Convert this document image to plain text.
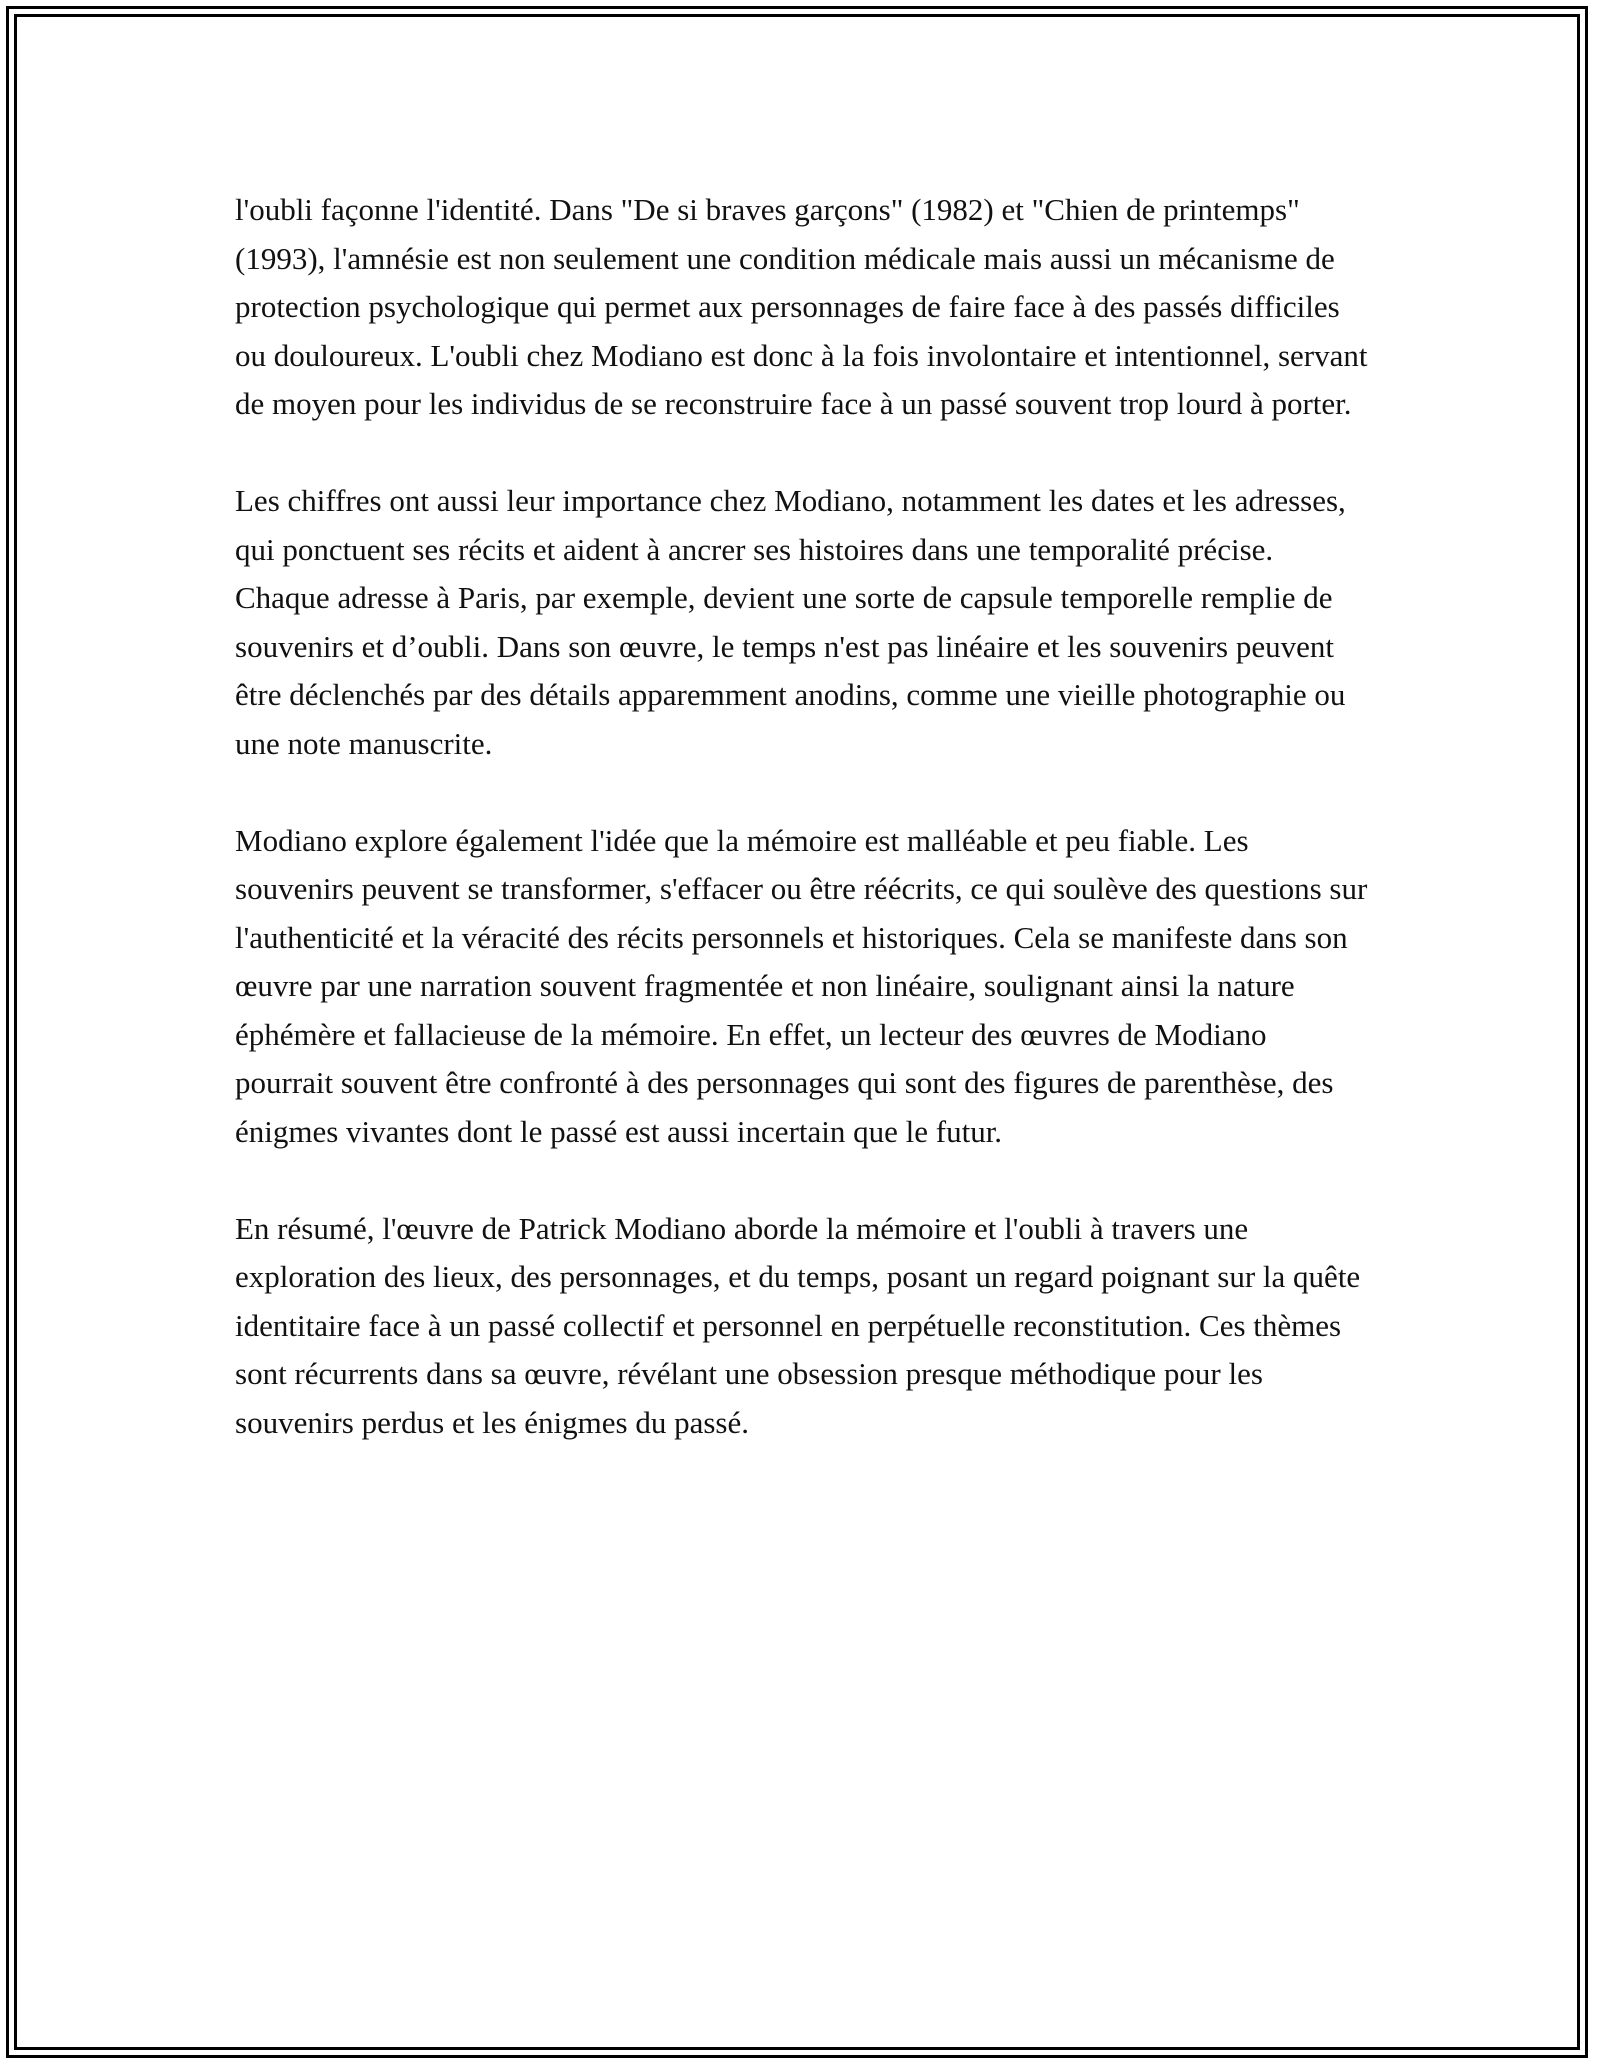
l'oubli façonne l'identité. Dans "De si braves garçons" (1982) et "Chien de printemps" (1993), l'amnésie est non seulement une condition médicale mais aussi un mécanisme de protection psychologique qui permet aux personnages de faire face à des passés difficiles ou douloureux. L'oubli chez Modiano est donc à la fois involontaire et intentionnel, servant de moyen pour les individus de se reconstruire face à un passé souvent trop lourd à porter.

Les chiffres ont aussi leur importance chez Modiano, notamment les dates et les adresses, qui ponctuent ses récits et aident à ancrer ses histoires dans une temporalité précise. Chaque adresse à Paris, par exemple, devient une sorte de capsule temporelle remplie de souvenirs et d’oubli. Dans son œuvre, le temps n'est pas linéaire et les souvenirs peuvent être déclenchés par des détails apparemment anodins, comme une vieille photographie ou une note manuscrite.

Modiano explore également l'idée que la mémoire est malléable et peu fiable. Les souvenirs peuvent se transformer, s'effacer ou être réécrits, ce qui soulève des questions sur l'authenticité et la véracité des récits personnels et historiques. Cela se manifeste dans son œuvre par une narration souvent fragmentée et non linéaire, soulignant ainsi la nature éphémère et fallacieuse de la mémoire. En effet, un lecteur des œuvres de Modiano pourrait souvent être confronté à des personnages qui sont des figures de parenthèse, des énigmes vivantes dont le passé est aussi incertain que le futur.

En résumé, l'œuvre de Patrick Modiano aborde la mémoire et l'oubli à travers une exploration des lieux, des personnages, et du temps, posant un regard poignant sur la quête identitaire face à un passé collectif et personnel en perpétuelle reconstitution. Ces thèmes sont récurrents dans sa œuvre, révélant une obsession presque méthodique pour les souvenirs perdus et les énigmes du passé.
